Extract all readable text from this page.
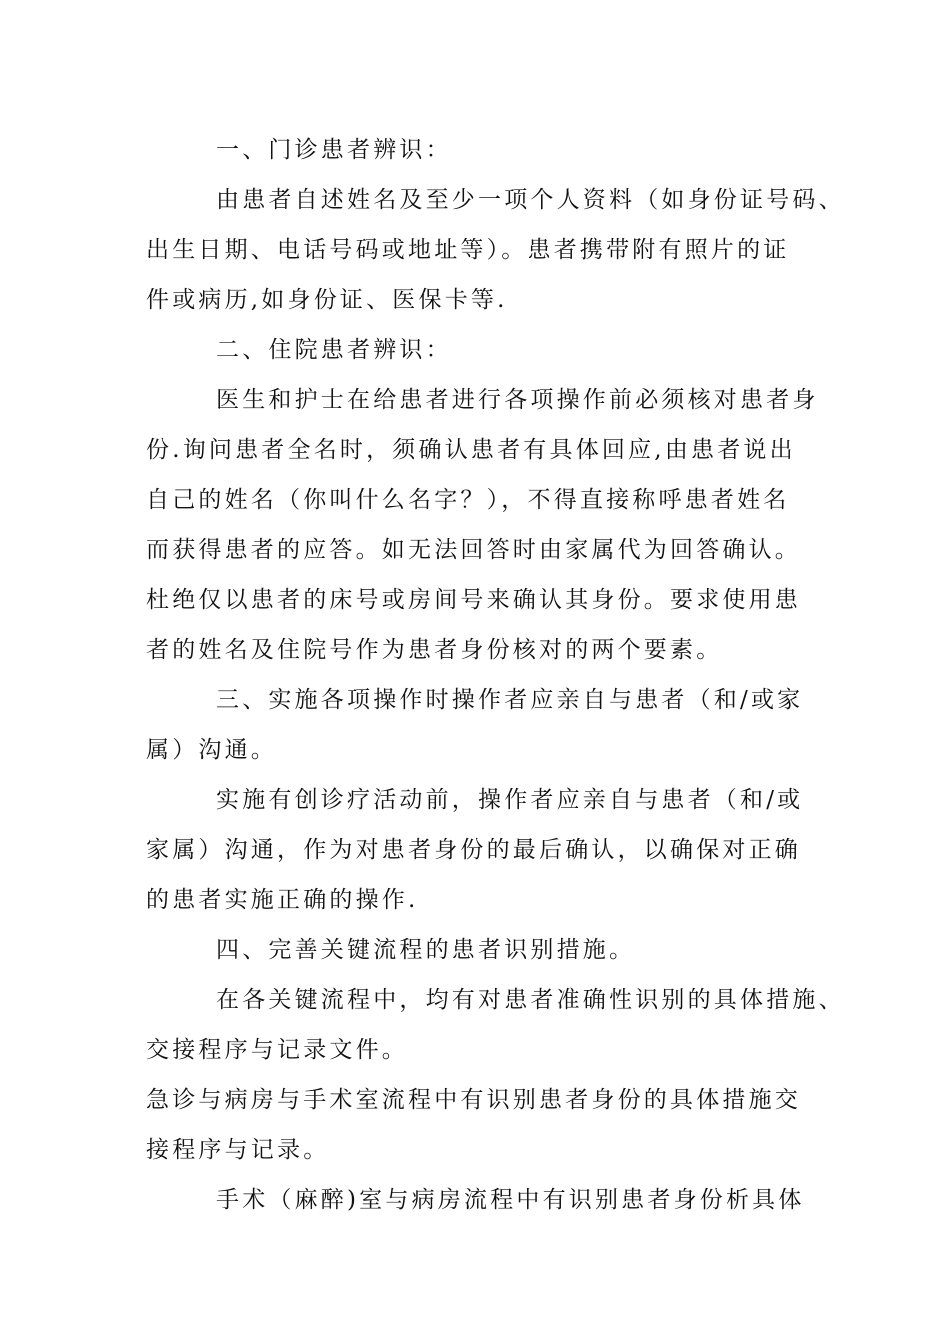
一、门诊患者辨识：
由患者自述姓名及至少一项个人资料（如身份证号码、
出生日期、电话号码或地址等）。患者携带附有照片的证
件或病历,如身份证、医保卡等.
二、住院患者辨识：
医生和护士在给患者进行各项操作前必须核对患者身
份.询问患者全名时，须确认患者有具体回应,由患者说出
自己的姓名（你叫什么名字？），不得直接称呼患者姓名
而获得患者的应答。如无法回答时由家属代为回答确认。
杜绝仅以患者的床号或房间号来确认其身份。要求使用患
者的姓名及住院号作为患者身份核对的两个要素。
三、实施各项操作时操作者应亲自与患者（和/或家
属）沟通。
实施有创诊疗活动前，操作者应亲自与患者（和/或
家属）沟通，作为对患者身份的最后确认，以确保对正确
的患者实施正确的操作.
四、完善关键流程的患者识别措施。
在各关键流程中，均有对患者准确性识别的具体措施、
交接程序与记录文件。
急诊与病房与手术室流程中有识别患者身份的具体措施交
接程序与记录。
手术（麻醉)室与病房流程中有识别患者身份析具体
